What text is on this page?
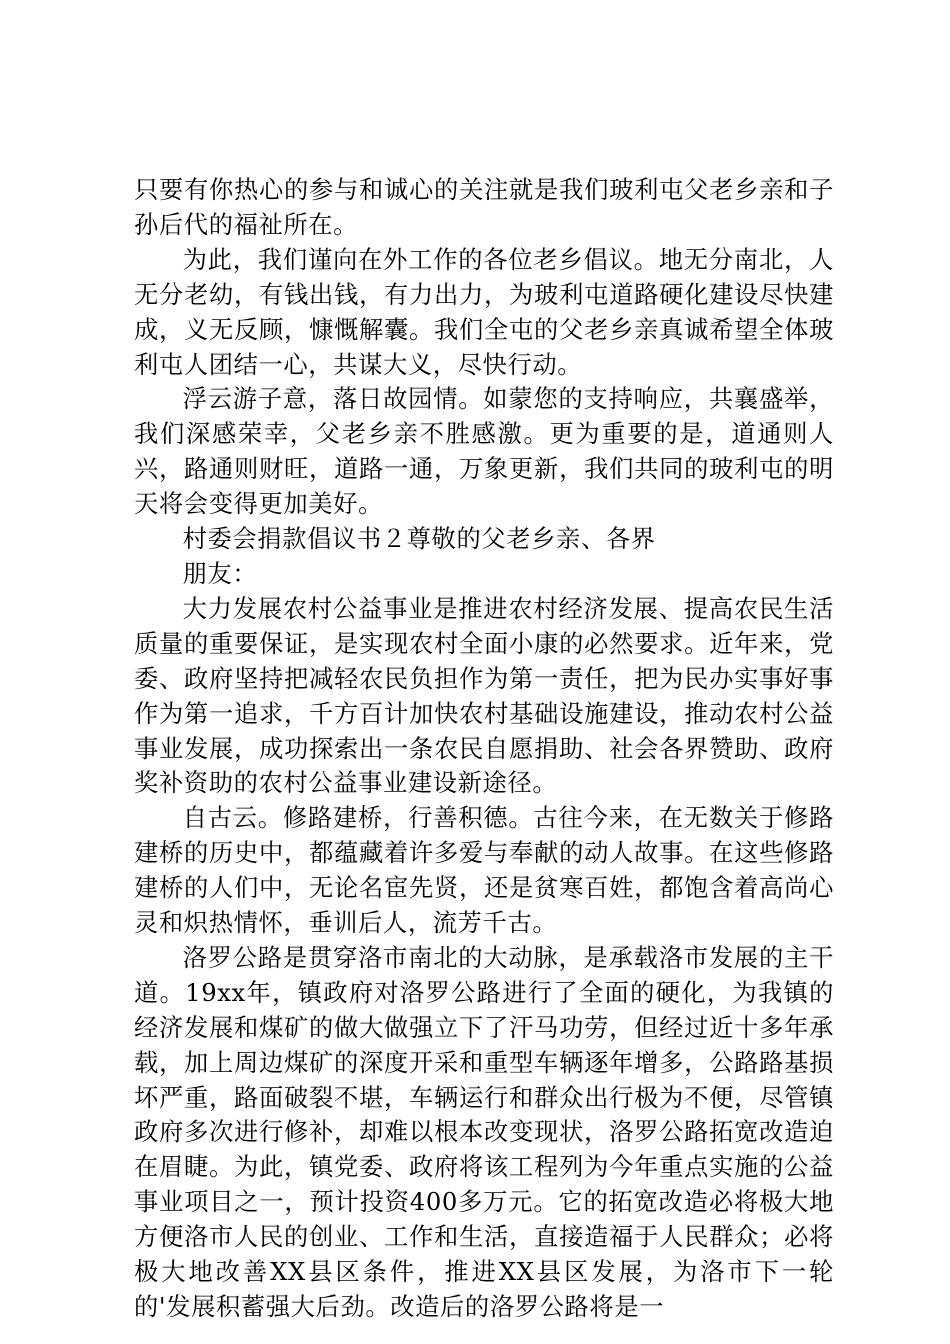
只要有你热心的参与和诚心的关注就是我们玻利屯父老乡亲和子孙后代的福祉所在。

为此，我们谨向在外工作的各位老乡倡议。地无分南北，人无分老幼，有钱出钱，有力出力，为玻利屯道路硬化建设尽快建成，义无反顾，慷慨解囊。我们全屯的父老乡亲真诚希望全体玻利屯人团结一心，共谋大义，尽快行动。

浮云游子意，落日故园情。如蒙您的支持响应，共襄盛举，我们深感荣幸，父老乡亲不胜感激。更为重要的是，道通则人兴，路通则财旺，道路一通，万象更新，我们共同的玻利屯的明天将会变得更加美好。

村委会捐款倡议书２尊敬的父老乡亲、各界

朋友：

大力发展农村公益事业是推进农村经济发展、提高农民生活质量的重要保证，是实现农村全面小康的必然要求。近年来，党委、政府坚持把减轻农民负担作为第一责任，把为民办实事好事作为第一追求，千方百计加快农村基础设施建设，推动农村公益事业发展，成功探索出一条农民自愿捐助、社会各界赞助、政府奖补资助的农村公益事业建设新途径。

自古云。修路建桥，行善积德。古往今来，在无数关于修路建桥的历史中，都蕴藏着许多爱与奉献的动人故事。在这些修路建桥的人们中，无论名宦先贤，还是贫寒百姓，都饱含着高尚心灵和炽热情怀，垂训后人，流芳千古。

洛罗公路是贯穿洛市南北的大动脉，是承载洛市发展的主干道。19xx年，镇政府对洛罗公路进行了全面的硬化，为我镇的经济发展和煤矿的做大做强立下了汗马功劳，但经过近十多年承载，加上周边煤矿的深度开采和重型车辆逐年增多，公路路基损坏严重，路面破裂不堪，车辆运行和群众出行极为不便，尽管镇政府多次进行修补，却难以根本改变现状，洛罗公路拓宽改造迫在眉睫。为此，镇党委、政府将该工程列为今年重点实施的公益事业项目之一，预计投资400多万元。它的拓宽改造必将极大地方便洛市人民的创业、工作和生活，直接造福于人民群众；必将极大地改善XX县区条件，推进XX县区发展，为洛市下一轮的'发展积蓄强大后劲。改造后的洛罗公路将是一
